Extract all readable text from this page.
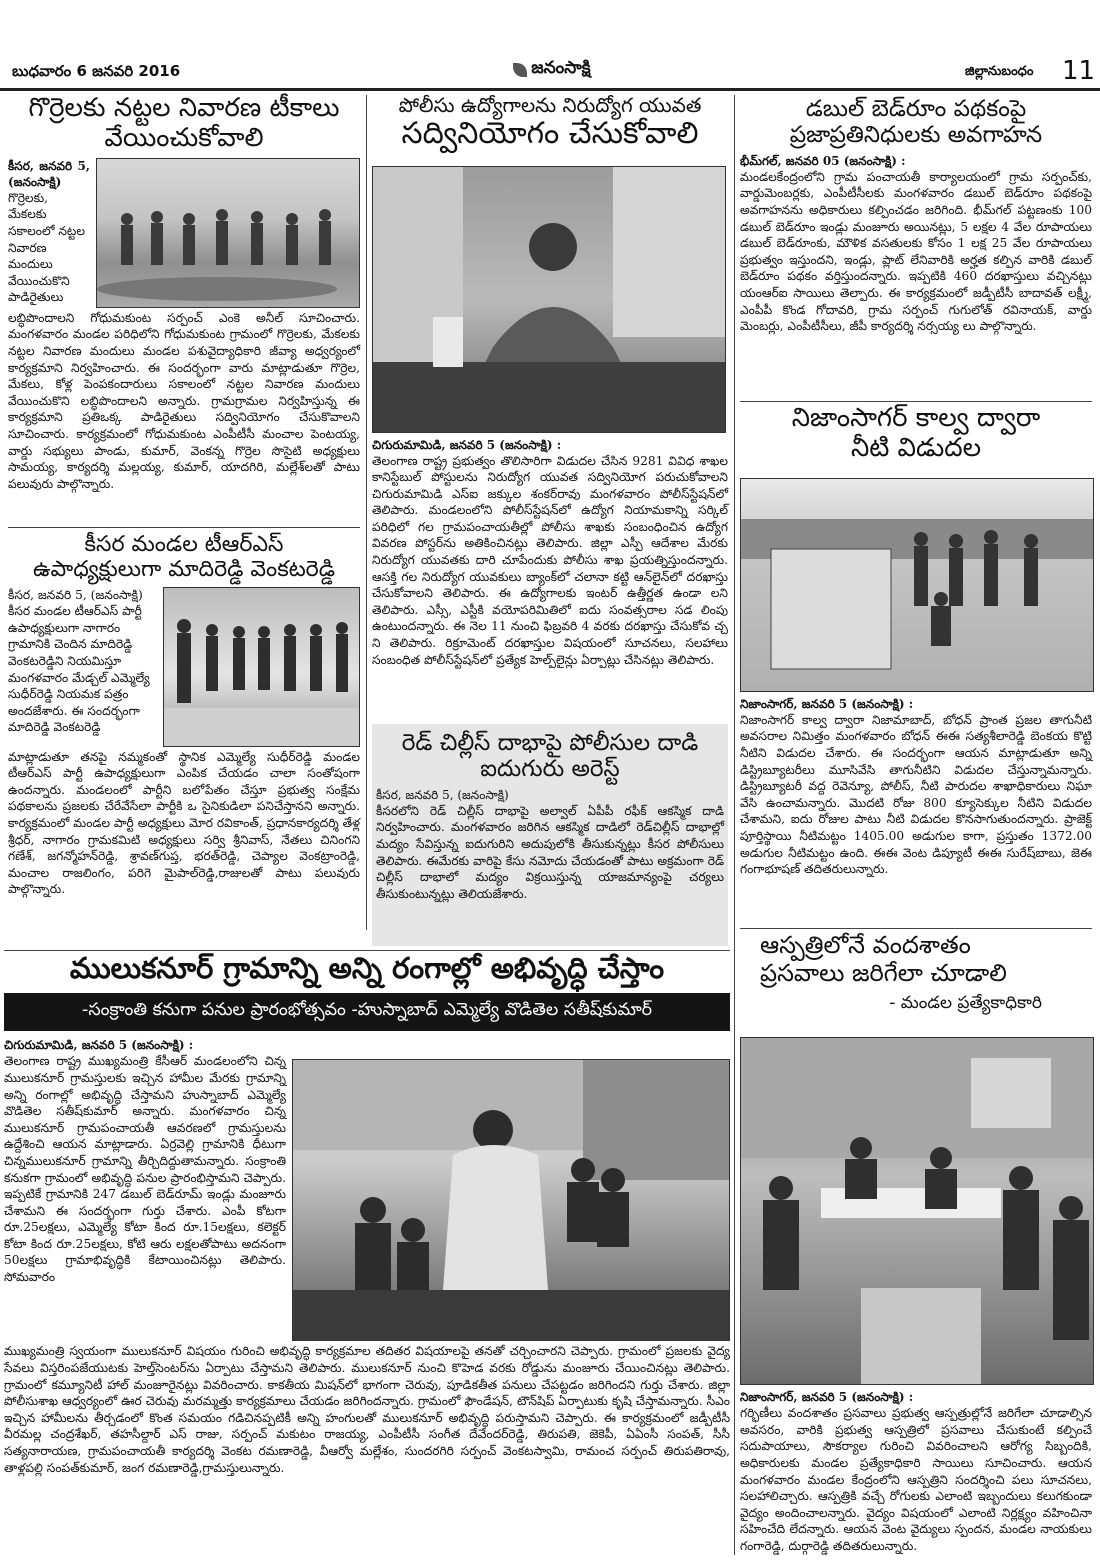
బుధవారం 6 జనవరి 2016	జనంసాక్షి	జిల్లానుబంధం 11
గొర్రెలకు నట్టల నివారణ టీకాలు
వేయించుకోవాలి
కీసర, జనవరి 5, (జనంసాక్షి)
గొర్రెలకు, మేకలకు సకాలంలో నట్టల నివారణ మందులు వేయించుకొని పాడిరైతులు
లబ్ధిపొందాలని గోధుమకుంట సర్పంచ్ ఎంకె అనీల్ సూచించారు. మంగళవారం మండల పరిధిలోని గోధుమకుంట గ్రామంలో గొర్రెలకు, మేకలకు నట్టల నివారణ మందులు మండల పశువైద్యాధికారి జీవ్యా అధ్వర్యంలో కార్యక్రమాని నిర్వహించారు. ఈ సందర్భంగా వారు మాట్లాడుతూ గొర్రెల, మేకలు, కోళ్ల పెంపకందారులు సకాలంలో నట్టల నివారణ మందులు వేయించుకొని లబ్ధిపొందాలని అన్నారు. గ్రామగ్రామల నిర్వహిస్తున్న ఈ కార్యక్రమాని ప్రతిఒక్క పాడిరైతులు సద్వినియోగం చేసుకొవాలని సూచించారు. కార్యక్రమంలో గోధుమకుంట ఎంపీటీసీ మంచాల పెంటయ్య, వార్డు సభ్యులు పాండు, కుమార్, వెంకన్న గొర్రెల సొసైటి అధ్యక్షులు సామయ్య, కార్యదర్శి మల్లయ్య, కుమార్, యాదగిరి, మల్లేశ్‌లతో పాటు పలువురు పాల్గొన్నారు.
కీసర మండల టీఆర్‌ఎస్
ఉపాధ్యక్షులుగా మాదిరెడ్డి వెంకటరెడ్డి
కీసర, జనవరి 5, (జనంసాక్షి) కీసర మండల టీఆర్‌ఎస్ పార్టీ ఉపాధ్యక్షులుగా నాగారం గ్రామానికి చెందిన మాదిరెడ్డి వెంకటరెడ్డిని నియమిస్తూ మంగళవారం మేడ్చల్ ఎమ్మెల్యే సుధీర్‌రెడ్డి నియమక పత్రం అందజేశారు. ఈ సందర్భంగా మాదిరెడ్డి వెంకటరెడ్డి
మాట్లాడుతూ తనపై నమ్మకంతో స్థానిక ఎమ్మెల్యే సుధీర్‌రెడ్డి మండల టీఆర్‌ఎస్ పార్టీ ఉపాధ్యక్షులుగా ఎంపిక చేయడం చాలా సంతోషంగా ఉందన్నారు. మండలంలో పార్టీని బలోపేతం చేస్తూ ప్రభుత్వ సంక్షేమ పథకాలను ప్రజలకు చేరేవేసేలా పార్టీకి ఒ సైనికుడిలా పనిచేస్తానని అన్నారు. కార్యక్రమంలో మండల పార్టీ అధ్యక్షులు మోర రవికాంత్, ప్రధానకార్యదర్శి తేళ్ల శ్రీధర్, నాగారం గ్రామకమిటి అధ్యక్షులు సర్వి శ్రీనివాస్, నేతలు చినింగని గణేశ్, జగన్మోహన్‌రెడ్డి, శ్రావణ్‌గుప్త, భరత్‌రెడ్డి, చెప్యాల వెంకట్రాంరెడ్డి, మంచాల రాజలింగం, పరిగె మైపాల్‌రెడ్డి,రాజులతో పాటు పలువురు పాల్గొన్నారు.
పోలీసు ఉద్యోగాలను నిరుద్యోగ యువత
సద్వినియోగం చేసుకోవాలి
చిగురుమామిడి, జనవరి 5 (జనంసాక్షి) :
తెలంగాణ రాష్ట్ర ప్రభుత్వం తొలిసారిగా విడుదల చేసిన 9281 వివిధ శాఖల కానిస్టేబుల్ పోస్టులను నిరుద్యోగ యువత సద్వినియోగ పరుచుకోవాలని చిగురుమామిడి ఎస్ఐ జక్కుల శంకర్‌రావు మంగళవారం పోలీస్‌స్టేషన్‌లో తెలిపారు. మండలంలోని పోలీస్‌స్టేషన్‌లో ఉద్యోగ నియామకాన్ని సర్కిల్ పరిధిలో గల గ్రామపంచాయతీల్లో పోలీసు శాఖకు సంబంధించిన ఉద్యోగ వివరణ పోస్టర్‌ను అతికించినట్లు తెలిపారు. జిల్లా ఎస్పీ ఆదేశాల మేరకు నిరుద్యోగ యువతకు దారి చూపేందుకు పోలీసు శాఖ ప్రయత్నిస్తుందన్నారు. ఆసక్తి గల నిరుద్యోగ యువకులు బ్యాంక్‌లో చలానా కట్టి ఆన్‌లైన్‌లో దరఖాస్తు చేసుకోవాలని తెలిపారు. ఈ ఉద్యోగాలకు ఇంటర్ ఉత్తీర్ణత ఉండా లని తెలిపారు. ఎస్సీ, ఎస్టీకి వయోపరిమితిలో ఐదు సంవత్సరాల సడ లింపు ఉంటుందన్నారు. ఈ నెల 11 నుంచి ఫిబ్రవరి 4 వరకు దరఖాస్తు చేసుకోవ చ్చ ని తెలిపారు. రిక్రూమెంట్ దరఖాస్తుల విషయంలో సూచనలు, సలహాలు సంబంధిత పోలీస్‌స్టేషన్‌లో ప్రత్యేక హెల్ప్‌లైన్లు ఏర్పాట్లు చేసినట్లు తెలిపారు.
రెడ్ చిల్లీస్ దాభాపై పోలీసుల దాడి
ఐదుగురు అరెస్ట్
కీసర, జనవరి 5, (జనంసాక్షి)
కీసరలోని రెడ్ చిల్లీస్ దాభాపై అల్వాల్ ఏపీపీ రఫీక్ ఆకస్మిక దాడి నిర్వహించారు. మంగళవారం జరిగిన ఆకస్మిక దాడిలో రెడ్‌చిల్లీస్ దాభాల్లో మద్యం సేవిస్తున్న ఐదుగురిని అదుపులోకి తీసుకున్నట్లు కీసర పోలీసులు తెలిపారు. ఈమేరకు వారిపై కేసు నమోదు చేయడంతో పాటు అక్రమంగా రెడ్ చిల్లీస్ దాభాలో మద్యం విక్రయిస్తున్న యాజమాన్యంపై చర్యలు తీసుకుంటున్నట్లు తెలియజేశారు.
డబుల్ బెడ్‌రూం పథకంపై
ప్రజాప్రతినిధులకు అవగాహన
భీమ్‌గల్, జనవరి 05 (జనంసాక్షి) :
మండలకేంద్రంలోని గ్రామ పంచాయతీ కార్యాలయంలో గ్రామ సర్పంచ్‌కు, వార్డుమెంబర్లకు, ఎంపీటీసీలకు మంగళవారం డబుల్ బెడ్‌రూం పథకంపై అవగాహనను అధికారులు కల్పించడం జరిగింది. భీమ్‌గల్ పట్టణంకు 100 డబుల్ బెడ్‌రూం ఇండ్లు మంజూరు అయినట్లు, 5 లక్షల 4 వేల రూపాయలు డబుల్ బెడ్‌రూంకు, మౌళిక వసతులకు కోసం 1 లక్ష 25 వేల రూపాయలు ప్రభుత్వం ఇస్తుందని, ఇండ్లు, ప్లాట్ లేనివారికి అర్హత కల్పిన వారికి డబుల్ బెడ్‌రూం పథకం వర్తిస్తుందన్నారు. ఇప్పటికి 460 దరఖాస్తులు వచ్చినట్లు యంఆర్ఐ సాయిలు తెల్పారు. ఈ కార్యక్రమంలో జడ్పీటీసీ బాదావత్ లక్ష్మీ, ఎంపీపీ కొండ గోదావరి, గ్రామ సర్పంచ్ గుగులోత్ రవినాయక్, వార్డు మెంబర్లు, ఎంపీటీసీలు, జీపీ కార్యదర్శి నర్సయ్య లు పాల్గొన్నారు.
నిజాంసాగర్ కాల్వ ద్వారా
నీటి విడుదల
నిజాంసాగర్, జనవరి 5 (జనంసాక్షి) :
నిజాంసాగర్ కాల్వ ద్వారా నిజామాబాద్, బోధన్ ప్రాంత ప్రజల తాగునీటి అవసరాల నిమిత్తం మంగళవారం బోధన్ ఈఈ సత్యశీలారెడ్డి బెంకయ కొట్టి నీటిని విడుదల చేశారు. ఈ సందర్భంగా ఆయన మాట్లాడుతూ అన్ని డిస్ట్రిబ్యూటరీలు మూసివేసి తాగునీటిని విడుదల చేస్తున్నామన్నారు. డిస్ట్రిబ్యూటరీ వద్ద రెవెన్యూ, పోలీస్, నీటి పారుదల శాఖాధికారులు నిఘా వేసి ఉంచామన్నారు. మొదటి రోజు 800 క్యూసెక్కుల నీటిని విడుదల చేశామని, ఐదు రోజుల పాటు నీటి విడుదల కొనసాగుతుందన్నారు. ప్రాజెక్ట్ పూర్తిస్థాయి నీటిమట్టం 1405.00 అడుగుల కాగా, ప్రస్తుతం 1372.00 అడుగుల నీటిమట్టం ఉంది. ఈఈ వెంట డిప్యూటీ ఈఈ సురేష్‌బాబు, జెఈ గంగాభూషణ్ తదితరులున్నారు.
ఆస్పత్రిలోనే వందశాతం
ప్రసవాలు జరిగేలా చూడాలి
- మండల ప్రత్యేకాధికారి
నిజాంసాగర్, జనవరి 5 (జనంసాక్షి) :
గర్భిణీలు వందశాతం ప్రసవాలు ప్రభుత్వ ఆస్పత్రుల్లోనే జరిగేలా చూడాల్సిన అవసరం, వారికి ప్రభుత్వ ఆస్పత్రిలో ప్రసవాలు చేసుకుంటే కల్పించే సదుపాయాలు, సౌకర్యాల గురించి వివరించాలని ఆరోగ్య సిబ్బందికి, అధికారులకు మండల ప్రత్యేకాధికారి సాయిలు సూచించారు. ఆయన మంగళవారం మండల కేంద్రంలోని ఆస్పత్రిని సందర్శించి పలు సూచనలు, సలహాలిచ్చారు. ఆస్పత్రికి వచ్చే రోగులకు ఎలాంటి ఇబ్బందులు కలుగకుండా వైద్యం అందించాలన్నారు. వైద్యం విషయంలో ఎలాంటి నిర్లక్ష్యం వహించినా సహించేది లేదన్నారు. ఆయన వెంట వైద్యులు స్పందన, మండల నాయకులు గంగారెడ్డి, దుర్గారెడ్డి తదితరులున్నారు.
ములుకనూర్ గ్రామాన్ని అన్ని రంగాల్లో అభివృద్ధి చేస్తాం
-సంక్రాంతి కనుగా పనుల ప్రారంభోత్సవం -హుస్నాబాద్ ఎమ్మెల్యే వొడితెల సతీష్‌కుమార్
చిగురుమామిడి, జనవరి 5 (జనంసాక్షి) :
తెలంగాణ రాష్ట్ర ముఖ్యమంత్రి కేసీఆర్ మండలంలోని చిన్న ములుకనూర్ గ్రామస్తులకు ఇచ్చిన హామీల మేరకు గ్రామాన్ని అన్ని రంగాల్లో అభివృద్ధి చేస్తామని హుస్నాబాద్ ఎమ్మెల్యే వొడితెల సతీష్‌కుమార్ అన్నారు. మంగళవారం చిన్న ములుకనూర్ గ్రామపంచాయతీ ఆవరణలో గ్రామస్తులను ఉద్దేశించి ఆయన మాట్లాడారు. ఏర్రవెల్లి గ్రామానికి ధీటుగా చిన్నములుకనూర్ గ్రామాన్ని తీర్చిదిద్దుతామన్నారు. సంక్రాంతి కనుకగా గ్రామంలో అభివృద్ధి పనుల ప్రారంభిస్తామని చెప్పారు. ఇప్పటికే గ్రామానికి 247 డబుల్ బెడ్‌రూమ్ ఇండ్లు మంజూరు చేశామని ఈ సందర్భంగా గుర్తు చేశారు. ఎంపీ కోటగా రూ.25లక్షలు, ఎమ్మెల్యే కోటా కింద రూ.15లక్షలు, కలెక్టర్ కోటా కింద రూ.25లక్షలు, కోటి ఆరు లక్షలతోపాటు అదనంగా 50లక్షలు గ్రామాభివృద్ధికి కేటాయించినట్లు తెలిపారు. సోమవారం
ముఖ్యమంత్రి స్వయంగా ములుకనూర్ విషయం గురించి అభివృద్ధి కార్యక్రమాల తదితర విషయాలపై తనతో చర్చించారని చెప్పారు. గ్రామంలో ప్రజలకు వైద్య సేవలు విస్తరింపజేయుటకు హెల్త్‌సెంటర్‌ను ఏర్పాటు చేస్తామని తెలిపారు. ములుకనూర్ నుంచి కొహెడ వరకు రోడ్డును మంజూరు చేయించినట్లు తెలిపారు. గ్రామంలో కమ్యూనిటీ హాల్ మంజూరైనట్లు వివరించారు. కాకతీయ మిషన్‌లో భాగంగా చెరువు, పూడికతీత పనులు చేపట్టడం జరిగిందని గుర్తు చేశారు. జిల్లా పోలీసుశాఖ ఆధ్వర్యంలో ఊర చెరువు మరమ్మత్తు కార్యక్రమాలు చేయడం జరిగిందన్నారు. గ్రామంలో ఫౌండేషన్, టౌన్‌షిప్ ఏర్పాటుకు కృషి చేస్తామన్నారు. సీఎం ఇచ్చిన హామీలను తీర్చడంలో కొంత సమయం గడిచినప్పటికీ అన్ని హంగులతో ములుకనూర్ అభివృద్ధి పరుస్తామని చెప్పారు. ఈ కార్యక్రమంలో జడ్పీటీసీ వీరమల్ల చంద్రశేఖర్, తహసీల్దార్ ఎస్ రాజు, సర్పంచ్ మకుటం రాజయ్య, ఎంపీటీసీ సంగీత దేవేందర్‌రెడ్డి, తిరుపతి, జెకెపీ, ఏఏంసీ సంపత్, సీసీ సత్యనారాయణ, గ్రామపంచాయతీ కార్యదర్శి వెంకట రమణారెడ్డి, వీఆర్వో మల్లేశం, సుందరగిరి సర్పంచ్ వెంకటస్వామి, రామంచ సర్పంచ్ తిరుపతిరావు, తాళ్లపల్లి సంపత్‌కుమార్, జంగ రమణారెడ్డి,గ్రామస్తులున్నారు.
